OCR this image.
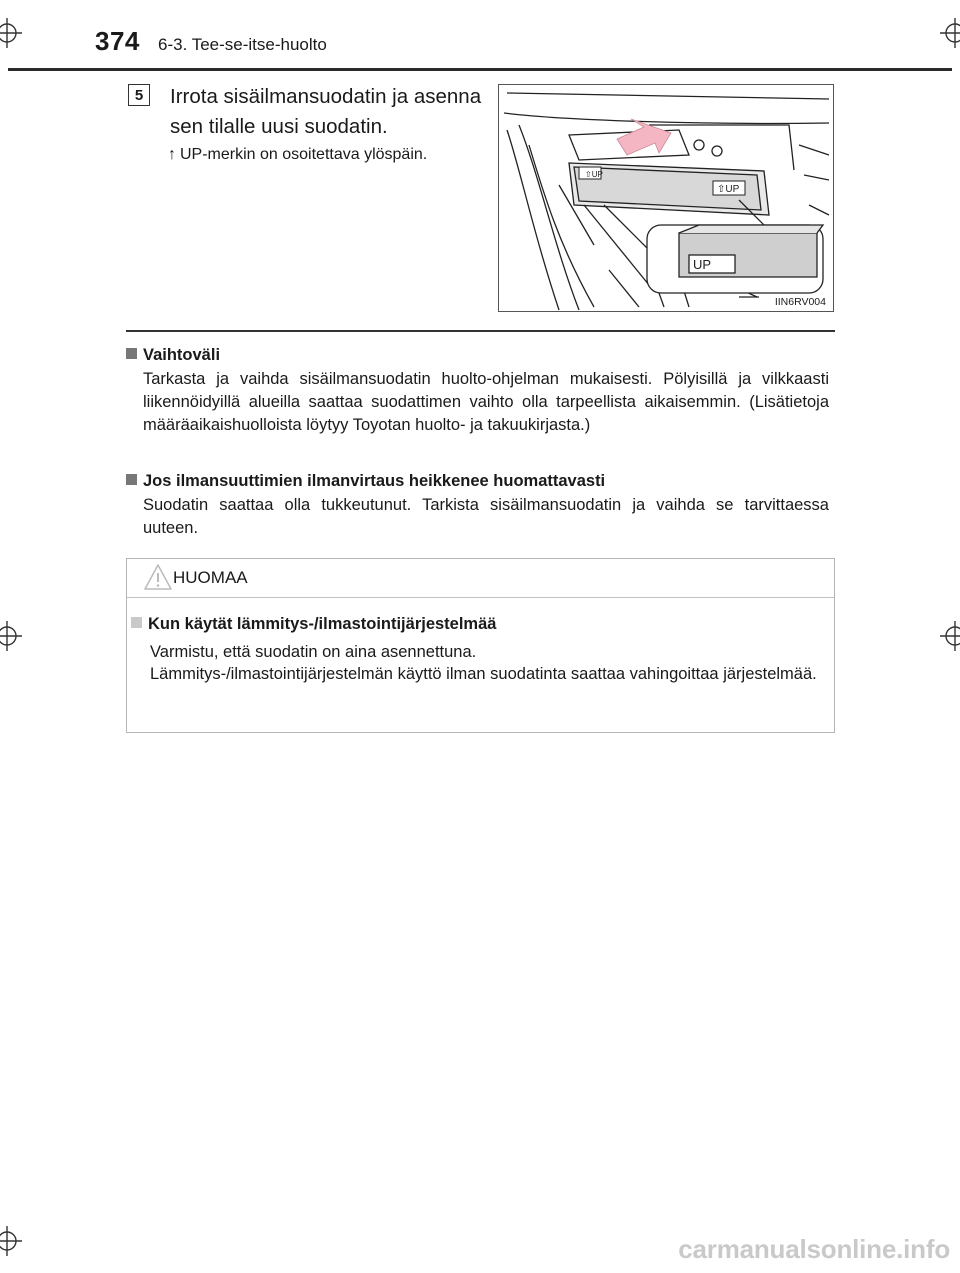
374 6-3. Tee-se-itse-huolto
5	Irrota sisäilmansuodatin ja asenna sen tilalle uusi suodatin.
↑ UP-merkin on osoitettava ylöspäin.
⇧UP
⇧UP
UP
IIN6RV004
Vaihtoväli
Tarkasta ja vaihda sisäilmansuodatin huolto-ohjelman mukaisesti. Pölyisillä ja vilkkaasti liikennöidyillä alueilla saattaa suodattimen vaihto olla tarpeellista aikaisemmin. (Lisätietoja määräaikaishuolloista löytyy Toyotan huolto- ja takuukirjasta.)
Jos ilmansuuttimien ilmanvirtaus heikkenee huomattavasti
Suodatin saattaa olla tukkeutunut. Tarkista sisäilmansuodatin ja vaihda se tarvittaessa uuteen.
HUOMAA
Kun käytät lämmitys-/ilmastointijärjestelmää
Varmistu, että suodatin on aina asennettuna.
Lämmitys-/ilmastointijärjestelmän käyttö ilman suodatinta saattaa vahingoittaa järjestelmää.
carmanualsonline.info
